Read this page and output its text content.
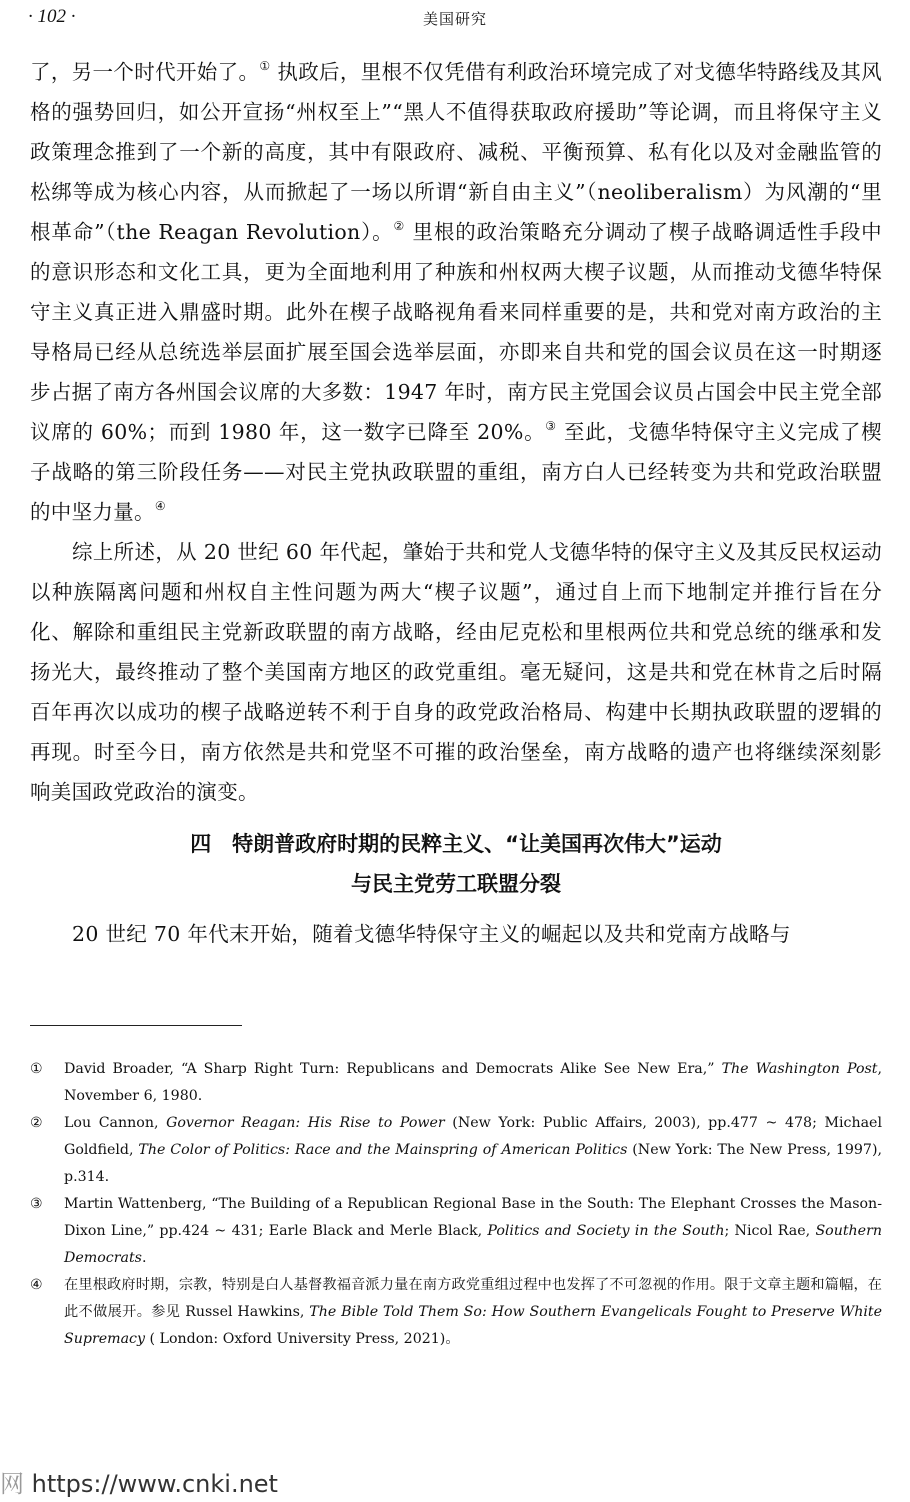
· 102 ·	美国研究

了，另一个时代开始了。① 执政后，里根不仅凭借有利政治环境完成了对戈德华特路线及其风格的强势回归，如公开宣扬“州权至上”“黑人不值得获取政府援助”等论调，而且将保守主义政策理念推到了一个新的高度，其中有限政府、减税、平衡预算、私有化以及对金融监管的松绑等成为核心内容，从而掀起了一场以所谓“新自由主义”（neoliberalism）为风潮的“里根革命”（the Reagan Revolution）。② 里根的政治策略充分调动了楔子战略调适性手段中的意识形态和文化工具，更为全面地利用了种族和州权两大楔子议题，从而推动戈德华特保守主义真正进入鼎盛时期。此外在楔子战略视角看来同样重要的是，共和党对南方政治的主导格局已经从总统选举层面扩展至国会选举层面，亦即来自共和党的国会议员在这一时期逐步占据了南方各州国会议席的大多数：1947 年时，南方民主党国会议员占国会中民主党全部议席的 60%；而到 1980 年，这一数字已降至 20%。③ 至此，戈德华特保守主义完成了楔子战略的第三阶段任务——对民主党执政联盟的重组，南方白人已经转变为共和党政治联盟的中坚力量。④

综上所述，从 20 世纪 60 年代起，肇始于共和党人戈德华特的保守主义及其反民权运动以种族隔离问题和州权自主性问题为两大“楔子议题”，通过自上而下地制定并推行旨在分化、解除和重组民主党新政联盟的南方战略，经由尼克松和里根两位共和党总统的继承和发扬光大，最终推动了整个美国南方地区的政党重组。毫无疑问，这是共和党在林肯之后时隔百年再次以成功的楔子战略逆转不利于自身的政党政治格局、构建中长期执政联盟的逻辑的再现。时至今日，南方依然是共和党坚不可摧的政治堡垒，南方战略的遗产也将继续深刻影响美国政党政治的演变。

四　特朗普政府时期的民粹主义、“让美国再次伟大”运动
与民主党劳工联盟分裂

20 世纪 70 年代末开始，随着戈德华特保守主义的崛起以及共和党南方战略与

① David Broader, “A Sharp Right Turn: Republicans and Democrats Alike See New Era,” The Washington Post, November 6, 1980.

② Lou Cannon, Governor Reagan: His Rise to Power (New York: Public Affairs, 2003), pp.477 ~ 478; Michael Goldfield, The Color of Politics: Race and the Mainspring of American Politics (New York: The New Press, 1997), p.314.

③ Martin Wattenberg, “The Building of a Republican Regional Base in the South: The Elephant Crosses the Mason-Dixon Line,” pp.424 ~ 431; Earle Black and Merle Black, Politics and Society in the South; Nicol Rae, Southern Democrats.

④ 在里根政府时期，宗教，特别是白人基督教福音派力量在南方政党重组过程中也发挥了不可忽视的作用。限于文章主题和篇幅，在此不做展开。参见 Russel Hawkins, The Bible Told Them So: How Southern Evangelicals Fought to Preserve White Supremacy ( London: Oxford University Press, 2021)。

网 https://www.cnki.net
